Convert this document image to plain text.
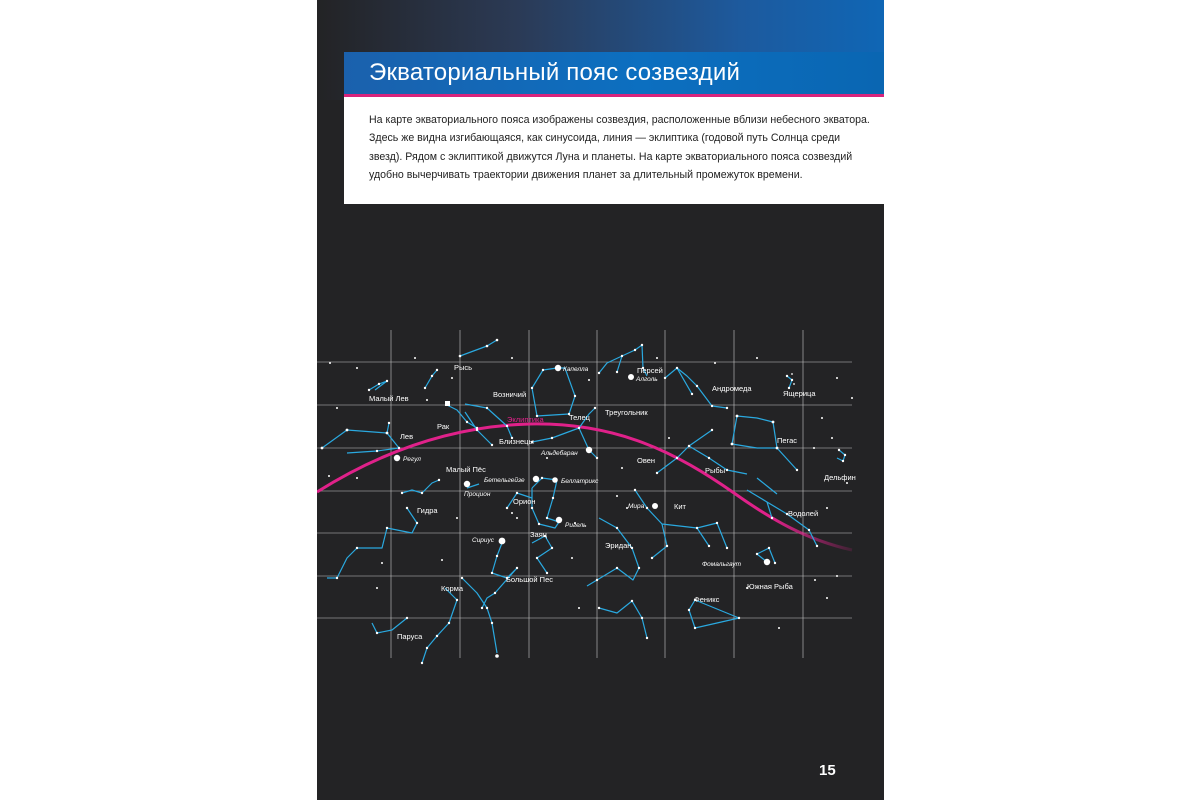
Экваториальный пояс созвездий

На карте экваториального пояса изображены созвездия, расположенные вблизи небесного экватора. Здесь же видна изгибающаяся, как синусоида, линия — эклиптика (годовой путь Солнца среди звезд). Рядом с эклиптикой движутся Луна и планеты. На карте экваториального пояса созвездий удобно вычерчивать траектории движения планет за длительный промежуток времени.

Эклиптика
Рысь
Малый Лев
Рак
Лев
Близнецы
Возничий
Телец
Малый Пёс
Гидра
Орион
Заяц
Большой Пес
Корма
Паруса
Персей
Андромеда
Ящерица
Треугольник
Овен
Рыбы
Пегас
Дельфин
Кит
Водолей
Эридан
Южная Рыба
Феникс
Капелла
Алголь
Регул
Альдебаран
Бетельгейзе	Беллатрикс
Процион
Ригель
Мира
Сириус
Фомальгаут
15
